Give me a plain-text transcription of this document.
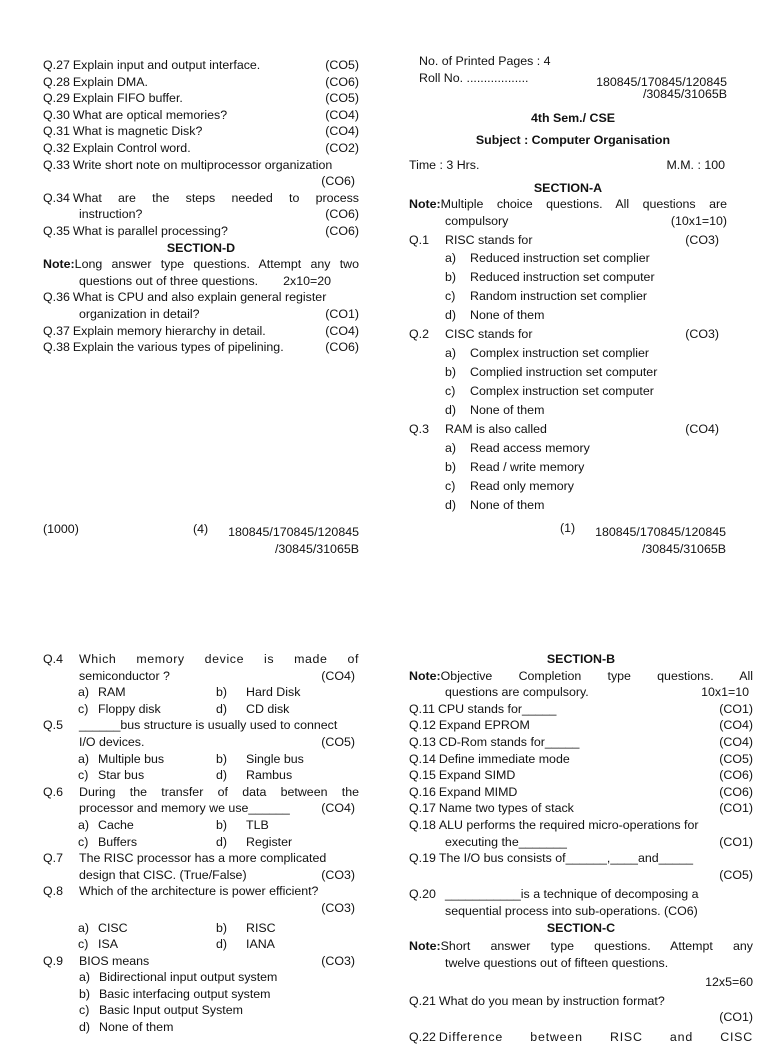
Q.27 Explain input and output interface.	(CO5)
Q.28 Explain DMA.	(CO6)
Q.29 Explain FIFO buffer.	(CO5)
Q.30 What are optical memories?	(CO4)
Q.31 What is magnetic Disk?	(CO4)
Q.32 Explain Control word.	(CO2)
Q.33 Write short note on multiprocessor organization
(CO6)
Q.34 What are the steps needed to process
instruction?	(CO6)
Q.35 What is parallel processing?	(CO6)
SECTION-D
Note: Long answer type questions. Attempt any two
questions out of three questions. 2x10=20
Q.36 What is CPU and also explain general register
organization in detail?	(CO1)
Q.37 Explain memory hierarchy in detail.	(CO4)
Q.38 Explain the various types of pipelining.	(CO6)
(1000)	(4)	180845/170845/120845
/30845/31065B
No. of Printed Pages : 4
Roll No. ..................	180845/170845/120845
/30845/31065B
4th Sem./ CSE
Subject : Computer Organisation
Time : 3 Hrs.	M.M. : 100
SECTION-A
Note: Multiple choice questions. All questions are
compulsory	(10x1=10)
Q.1 RISC stands for	(CO3)
a)	Reduced instruction set complier
b)	Reduced instruction set computer
c)	Random instruction set complier
d)	None of them
Q.2 CISC stands for	(CO3)
a)	Complex instruction set complier
b)	Complied instruction set computer
c)	Complex instruction set computer
d)	None of them
Q.3 RAM is also called	(CO4)
a)	Read access memory
b)	Read / write memory
c)	Read only memory
d)	None of them
(1)	180845/170845/120845
/30845/31065B
Q.4	Which memory device is made of
semiconductor ?	(CO4)
a) RAM	b)	Hard Disk
c) Floppy disk	d)	CD disk
Q.5	______bus structure is usually used to connect
I/O devices.	(CO5)
a) Multiple bus	b)	Single bus
c) Star bus	d)	Rambus
Q.6	During the transfer of data between the
processor and memory we use______	(CO4)
a) Cache	b)	TLB
c) Buffers	d)	Register
Q.7	The RISC processor has a more complicated
design that CISC. (True/False)	(CO3)
Q.8	Which of the architecture is power efficient?
(CO3)
a) CISC	b)	RISC
c) ISA	d)	IANA
Q.9 BIOS means	(CO3)
a) Bidirectional input output system
b) Basic interfacing output system
c) Basic Input output System
d) None of them
SECTION-B
Note: Objective Completion type questions. All
questions are compulsory.	10x1=10
Q.11 CPU stands for_____	(CO1)
Q.12 Expand EPROM	(CO4)
Q.13 CD-Rom stands for_____	(CO4)
Q.14 Define immediate mode	(CO5)
Q.15 Expand SIMD	(CO6)
Q.16 Expand MIMD	(CO6)
Q.17 Name two types of stack	(CO1)
Q.18 ALU performs the required micro-operations for
executing the_______	(CO1)
Q.19 The I/O bus consists of______,____and_____
(CO5)
Q.20 ___________is a technique of decomposing a
sequential process into sub-operations. (CO6)
SECTION-C
Note: Short answer type questions. Attempt any
twelve questions out of fifteen questions.
12x5=60
Q.21 What do you mean by instruction format?
(CO1)
Q.22 Difference between RISC and CISC
